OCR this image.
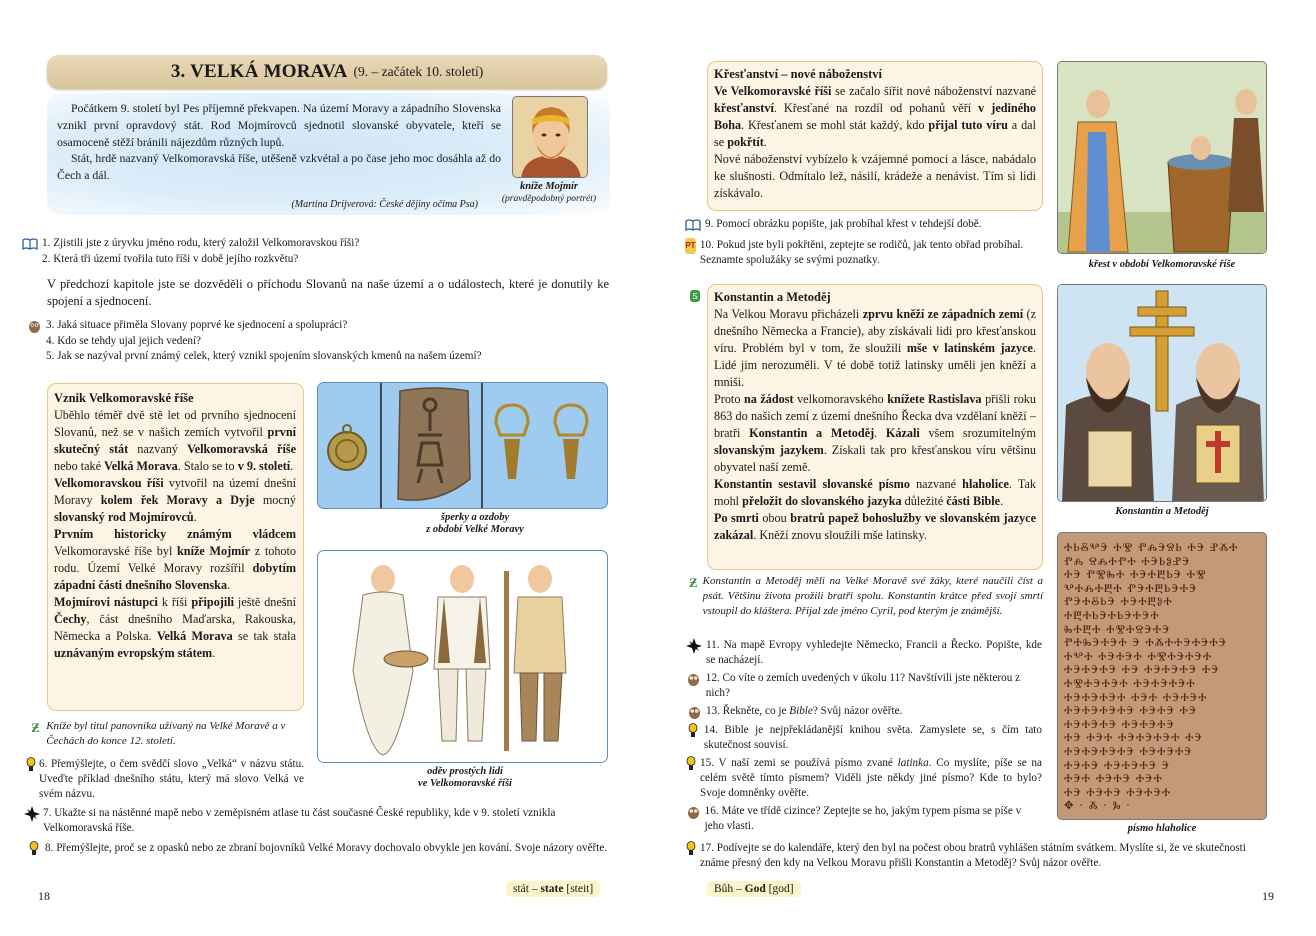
3. VELKÁ MORAVA (9. – začátek 10. století)

Počátkem 9. století byl Pes příjemně překvapen. Na území Moravy a západního Slovenska vznikl první opravdový stát. Rod Mojmírovců sjednotil slovanské obyvatele, kteří se osamoceně stěží bránili nájezdům různých lupů.

Stát, hrdě nazvaný Velkomoravská říše, utěšeně vzkvétal a po čase jeho moc dosáhla až do Čech a dál.

(Martina Drijverová: České dějiny očima Psa)
kníže Mojmír
(pravděpodobný portrét)
1. Zjistili jste z úryvku jméno rodu, který založil Velkomoravskou říši?
2. Která tři území tvořila tuto říši v době jejího rozkvětu?
V předchozí kapitole jste se dozvěděli o příchodu Slovanů na naše území a o událostech, které je donutily ke spojení a sjednocení.
3. Jaká situace přiměla Slovany poprvé ke sjednocení a spolupráci?
4. Kdo se tehdy ujal jejich vedení?
5. Jak se nazýval první známý celek, který vznikl spojením slovanských kmenů na našem území?

Vznik Velkomoravské říše

Uběhlo téměř dvě stě let od prvního sjednocení Slovanů, než se v našich zemích vytvořil první skutečný stát nazvaný Velkomoravská říše nebo také Velká Morava. Stalo se to v 9. století.

Velkomoravskou říši vytvořil na území dnešní Moravy kolem řek Moravy a Dyje mocný slovanský rod Mojmírovců.

Prvním historicky známým vládcem Velkomoravské říše byl kníže Mojmír z tohoto rodu. Území Velké Moravy rozšířil dobytím západní části dnešního Slovenska.

Mojmírovi nástupci k říši připojili ještě dnešní Čechy, část dnešního Maďarska, Rakouska, Německa a Polska. Velká Morava se tak stala uznávaným evropským státem.

šperky a ozdoby
z období Velké Moravy
oděv prostých lidí
ve Velkomoravské říši
Ƶ Kníže byl titul panovníka užívaný na Velké Moravě a v Čechách do konce 12. století.
6. Přemýšlejte, o čem svědčí slovo „Velká“ v názvu státu. Uveďte příklad dnešního státu, který má slovo Velká ve svém názvu.
7. Ukažte si na nástěnné mapě nebo v zeměpisném atlase tu část současné České republiky, kde v 9. století vznikla Velkomoravská říše.
8. Přemýšlejte, proč se z opasků nebo ze zbraní bojovníků Velké Moravy dochovalo obvykle jen kování. Svoje názory ověřte.
18	stát – state [steit]

Křesťanství – nové náboženství

Ve Velkomoravské říši se začalo šířit nové náboženství nazvané křesťanství. Křesťané na rozdíl od pohanů věří v jediného Boha. Křesťanem se mohl stát každý, kdo přijal tuto víru a dal se pokřtít.

Nové náboženství vybízelo k vzájemné pomoci a lásce, nabádalo ke slušnosti. Odmítalo lež, násilí, krádeže a nenávist. Tím si lidi získávalo.

křest v období Velkomoravské říše
9. Pomocí obrázku popište, jak probíhal křest v tehdejší době.
PT 10. Pokud jste byli pokřtěni, zeptejte se rodičů, jak tento obřad probíhal. Seznamte spolužáky se svými poznatky.
S Konstantin a Metoděj

Na Velkou Moravu přicházeli zprvu kněží ze západních zemí (z dnešního Německa a Francie), aby získávali lidi pro křesťanskou víru. Problém byl v tom, že sloužili mše v latinském jazyce. Lidé jim nerozuměli. V té době totiž latinsky uměli jen kněží a mniši.

Proto na žádost velkomoravského knížete Rastislava přišli roku 863 do našich zemí z území dnešního Řecka dva vzdělaní kněží – bratři Konstantin a Metoděj. Kázali všem srozumitelným slovanským jazykem. Získali tak pro křesťanskou víru většinu obyvatel naší země.

Konstantin sestavil slovanské písmo nazvané hlaholice. Tak mohl přeložit do slovanského jazyka důležité části Bible.

Po smrti obou bratrů papež bohoslužby ve slovanském jazyce zakázal. Kněží znovu sloužili mše latinsky.

Konstantin a Metoděj
ⰀⰓⰋⰂⰅ ⰀⰊ ⰒⰎⰅⰔⰓ ⰀⰅ ⰐⰆⰀ
ⰒⰎ ⰔⰎⰀⰒⰀ ⰀⰅⰓⰑⰐⰅ
ⰀⰅ ⰒⰊⰈⰀ ⰀⰅⰀⰁⰓⰅ ⰀⰊ
ⰂⰀⰎⰀⰁⰀ ⰒⰅⰀⰁⰓⰅⰀⰅ
ⰒⰅⰀⰋⰓⰅ ⰀⰅⰀⰁⰑⰀ
ⰀⰁⰀⰓⰅⰀⰓⰅⰀⰅⰀ
ⰈⰀⰁⰀ ⰀⰊⰀⰔⰅⰀⰅ
ⰒⰀⰈⰅⰀⰅⰀ Ⰵ ⰀⰆⰀⰀⰅⰀⰅⰀⰅ
ⰀⰂⰀ ⰀⰅⰀⰅⰀ ⰀⰊⰀⰅⰀⰅⰀ
ⰀⰅⰀⰅⰀⰅ ⰀⰅ ⰀⰅⰀⰅⰀⰅ ⰀⰅ
ⰀⰊⰀⰅⰀⰅⰀ ⰀⰅⰀⰅⰀⰅⰀ
ⰀⰅⰀⰅⰀⰅⰀ ⰀⰅⰀ ⰀⰅⰀⰅⰀ
ⰀⰅⰀⰅⰀⰅⰀⰅ ⰀⰅⰀⰅ ⰀⰅ
ⰀⰅⰀⰅⰀⰅ ⰀⰅⰀⰅⰀⰅ
ⰀⰅ ⰀⰅⰀ ⰀⰅⰀⰅⰀⰅⰀ ⰀⰅ
ⰀⰅⰀⰅⰀⰅⰀⰅ ⰀⰅⰀⰅⰀⰅ
ⰀⰅⰀⰅ ⰀⰅⰀⰅⰀⰅ Ⰵ
ⰀⰅⰀ ⰀⰅⰀⰅ ⰀⰅⰀ
ⰀⰅ ⰀⰅⰀⰅ ⰀⰅⰀⰅⰀ
✥ · Ⰶ · Ⰳ ·
písmo hlaholice
Ƶ Konstantin a Metoděj měli na Velké Moravě své žáky, které naučili číst a psát. Většinu života prožili bratři spolu. Konstantin krátce před svojí smrtí vstoupil do kláštera. Přijal zde jméno Cyril, pod kterým je známější.
11. Na mapě Evropy vyhledejte Německo, Francii a Řecko. Popište, kde se nacházejí.
12. Co víte o zemích uvedených v úkolu 11? Navštívili jste některou z nich?
13. Řekněte, co je Bible? Svůj názor ověřte.
14. Bible je nejpřekládanější knihou světa. Zamyslete se, s čím tato skutečnost souvisí.
15. V naší zemi se používá písmo zvané latinka. Co myslíte, píše se na celém světě tímto písmem? Viděli jste někdy jiné písmo? Kde to bylo? Svoje domněnky ověřte.
16. Máte ve třídě cizince? Zeptejte se ho, jakým typem písma se píše v jeho vlasti.
17. Podívejte se do kalendáře, který den byl na počest obou bratrů vyhlášen státním svátkem. Myslíte si, že ve skutečnosti známe přesný den kdy na Velkou Moravu přišli Konstantin a Metoděj? Svůj názor ověřte.
Bůh – God [god]	19
